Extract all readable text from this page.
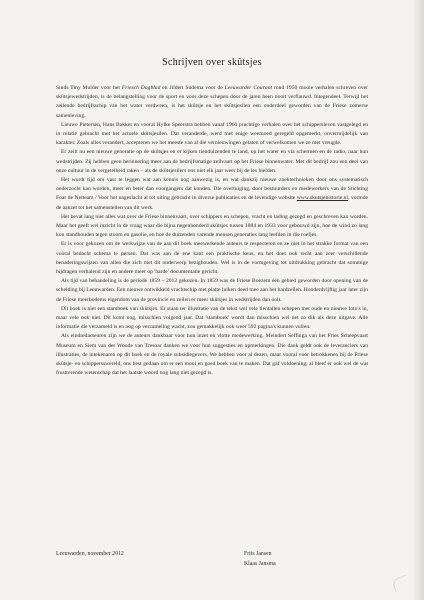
Schrijven over skûtsjes

Sinds Tiny Mulder voor het Friesch Dagblad en Jildert Sudema voor de Leeuwarder Courant rond 1950 mooie verhalen schreven over skûtsjewedstrijden, is de belangstelling voor de sport en voor deze schepen door de jaren heen nooit verflauwd. Integendeel. Terwijl het zeilende bedrijfsschip van het water verdween, is het skûtsje en het skûtsjesilen een onderdeel geworden van de Friese zomerse samenleving.

Lieuwe Pietersen, Hans Bakker en vooral Hylke Speerstra hebben vanaf 1960 prachtige verhalen over het schippersleven vastgelegd en in relatie gebracht met het actuele skûtsjesilen. Dat veranderde, werd met enige weemoed geregeld opgemerkt, onvermijdelijk van karakter. Zoals alles verandert, accepteren we het meeste van al die vernieuwingen gelaten of verwelkomen we ze met vreugde.

Er zeilt nu een nieuwe generatie op de skûtsjes en er kijken tienduizenden te land, op het water en via schermen en de radio, naar hun wedstrijden. Zij hebben geen herinnering meer aan de bedrijfsmatige zeilvaart op het Friese binnenwater. Met dit bedrijf zou een deel van onze cultuur in de vergetelheid raken – als de skûtsjesilers ons niet elk jaar weer bij de les hielden.

Het wordt tijd om vast te leggen wat aan kennis nog aanwezig is, en wat dankzij nieuwe zoektechnieken door ons systematisch onderzocht kan worden, meer en beter dan voorgangers dat konden. Die overtuiging, door bestuurders en medewerkers van de Stichting Foar de Neiteam / Voor het nageslacht al tot uiting gebracht in diverse publicaties en de levendige website www.skutsjehistorie.nl, vormde de aanzet tot het samenstellen van dit werk.

Het bevat lang niet alles wat over de Friese binnenvaart, over schippers en schepen, vracht en lading gezegd en geschreven kan worden. Maar het geeft wel inzicht in de vraag waar die bijna negenhonderd skûtsjes tussen 1884 en 1933 voor gebouwd zijn, hoe de wind zo lang kon standhouden tegen stoom en gasolie, en hoe de duizenden varende mensen generaties lang leefden in die roefjes.

Er is voor gekozen om de werkwijze van de aan dit boek meewerkende auteurs te respecteren en ze niet in het strakke format van een vooral bedacht schema te persen. Dat was aan de ene kant een praktische keus, en het doet ook recht aan zeer verschillende benaderingswijzen van allen die zich met dit onderwerp bezighouden. Wel is in de vormgeving tot uitdrukking gebracht dat sommige bijdragen verhalend zijn en andere meer op 'harde' documentatie gericht.

Als tijd van behandeling is de periode 1859 – 2012 gekozen. In 1859 was de Friese Boezem één gebied geworden door opening van de scheiding bij Leeuwarden. Een nieuwe ontwikkeld vrachtschip met platte luiken deed mee aan het hardzeilen. Honderdvijftig jaar later zijn de Friese meerbodems eigendom van de provincie en zeilen er meer skûtsjes in wedstrijden dan ooit.

Dit boek is niet een stamboek van skûtsjes. Er staan ter illustratie van de tekst wel vele tientallen schepen met oude en nieuwe foto's in, maar vele ook niet. Dit komt nog, misschien volgend jaar. Dat 'stamboek' wordt dan misschien wel net zo dik als deze uitgave. Alle informatie die verzameld is en nog op verzameling wacht, zou gemakkelijk ook weer 592 pagina's kunnen vullen.

Als eindredacteuren zijn we de auteurs dankbaar voor hun inzet en vlotte medewerking. Meindert Seffinga van het Fries Scheepvaart Museum en Siem van der Woude van Tresoar danken we voor hun suggesties en opmerkingen. Die dank geldt ook de leveranciers van illustraties, de intekenaren op dit boek en de royale subsidiegevers. We hebben voor al dezen, maar vooral voor betrokkenen bij de Friese skûtsje- en schippersswereld, ons best gedaan om er een mooi en goed boek van te maken. Dat gaf voldoening, al bleef er ook wel de wat frustrerende wetenschap dat het laatste woord nog lang niet gezegd is.

Leeuwarden, november 2012	Frits Jansen
Klaas Jansma
